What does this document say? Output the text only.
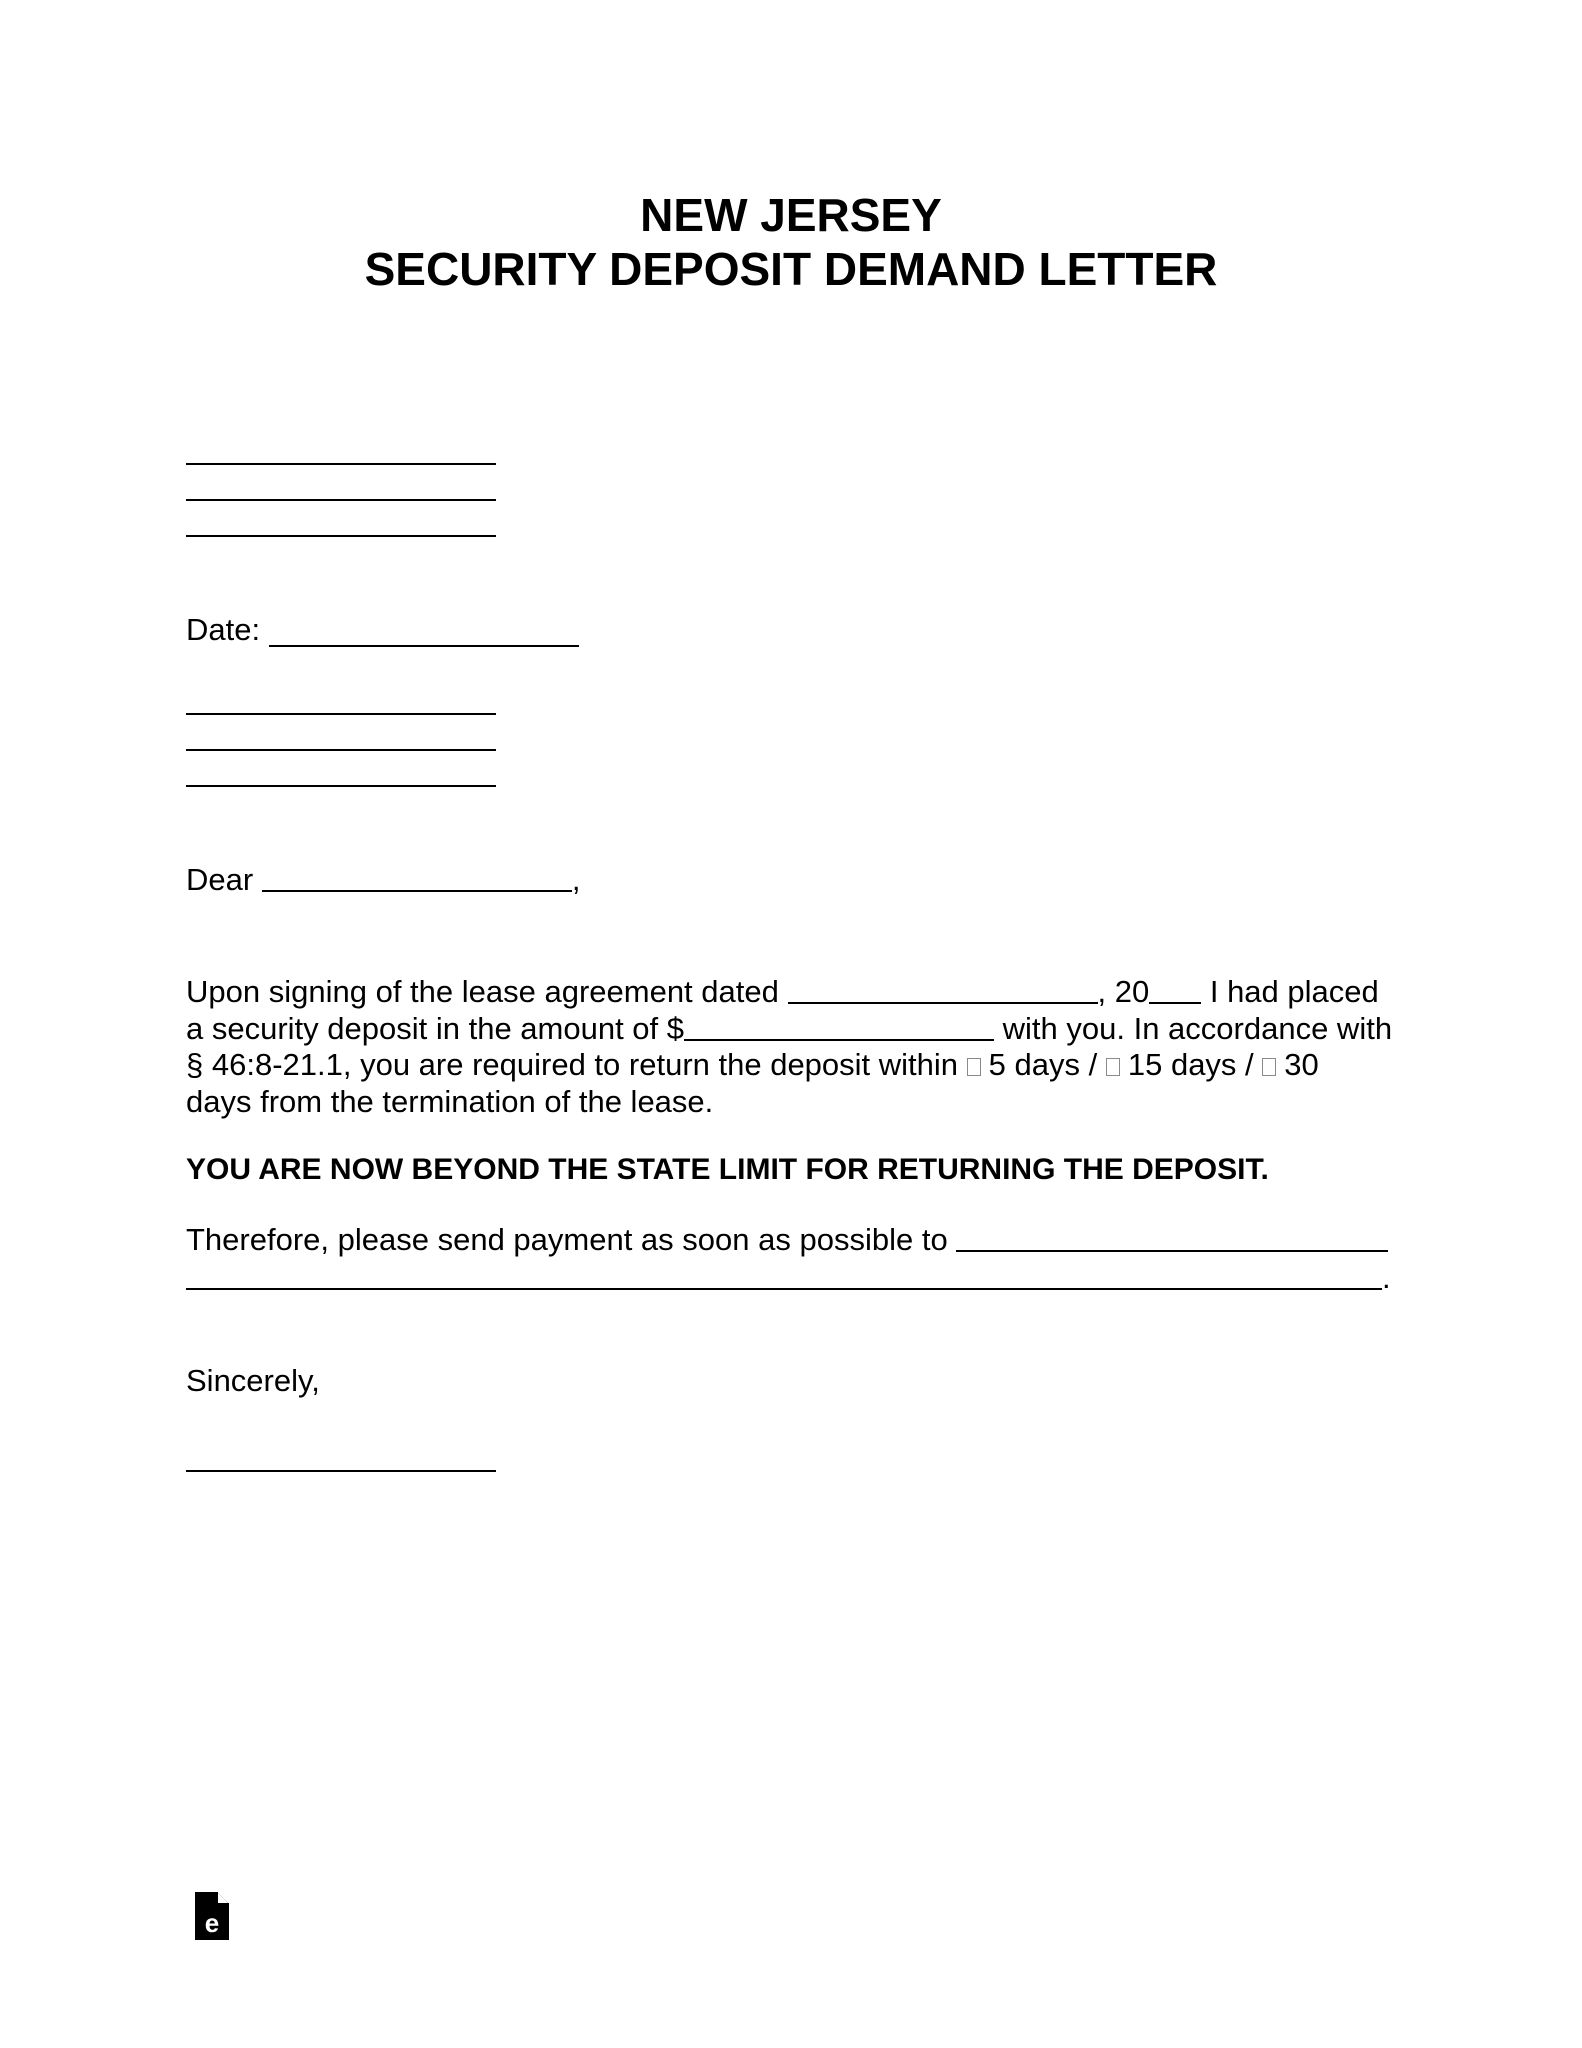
NEW JERSEY
SECURITY DEPOSIT DEMAND LETTER
Date:
Dear	,
Upon signing of the lease agreement dated	, 20 I had placed
a security deposit in the amount of $	with you. In accordance with
§ 46:8-21.1, you are required to return the deposit within 5 days / 15 days / 30
days from the termination of the lease.
YOU ARE NOW BEYOND THE STATE LIMIT FOR RETURNING THE DEPOSIT.
Therefore, please send payment as soon as possible to
.
Sincerely,
e
